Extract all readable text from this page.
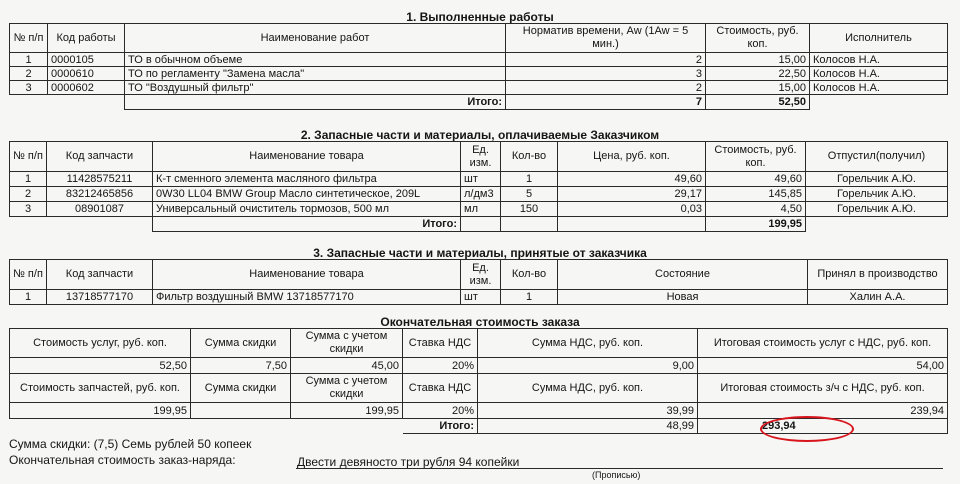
1. Выполненные работы
№ п/п	Код работы	Наименование работ	Норматив времени, Aw (1Aw = 5 мин.)	Стоимость, руб. коп.	Исполнитель
1	0000105	ТО в обычном объеме	2	15,00	Колосов Н.А.
2	0000610	ТО по регламенту "Замена масла"	3	22,50	Колосов Н.А.
3	0000602	ТО "Воздушный фильтр"	2	15,00	Колосов Н.А.
		Итого:	7	52,50	
2. Запасные части и материалы, оплачиваемые Заказчиком
№ п/п	Код запчасти	Наименование товара	Ед. изм.	Кол-во	Цена, руб. коп.	Стоимость, руб. коп.	Отпустил(получил)
1	11428575211	К-т сменного элемента масляного фильтра	шт	1	49,60	49,60	Горельчик А.Ю.
2	83212465856	0W30 LL04 BMW Group Масло синтетическое, 209L	л/дм3	5	29,17	145,85	Горельчик А.Ю.
3	08901087	Универсальный очиститель тормозов, 500 мл	мл	150	0,03	4,50	Горельчик А.Ю.
		Итого:				199,95	
3. Запасные части и материалы, принятые от заказчика
№ п/п	Код запчасти	Наименование товара	Ед. изм.	Кол-во	Состояние	Принял в производство
1	13718577170	Фильтр воздушный BMW 13718577170	шт	1	Новая	Халин А.А.
Окончательная стоимость заказа
Стоимость услуг, руб. коп.	Сумма скидки	Сумма с учетом скидки	Ставка НДС	Сумма НДС, руб. коп.	Итоговая стоимость услуг с НДС, руб. коп.
52,50	7,50	45,00	20%	9,00	54,00
Стоимость запчастей, руб. коп.	Сумма скидки	Сумма с учетом скидки	Ставка НДС	Сумма НДС, руб. коп.	Итоговая стоимость з/ч с НДС, руб. коп.
199,95		199,95	20%	39,99	239,94
			Итого:	48,99	293,94
Сумма скидки: (7,5) Семь рублей 50 копеек
Окончательная стоимость заказ-наряда:	Двести девяносто три рубля 94 копейки
(Прописью)
